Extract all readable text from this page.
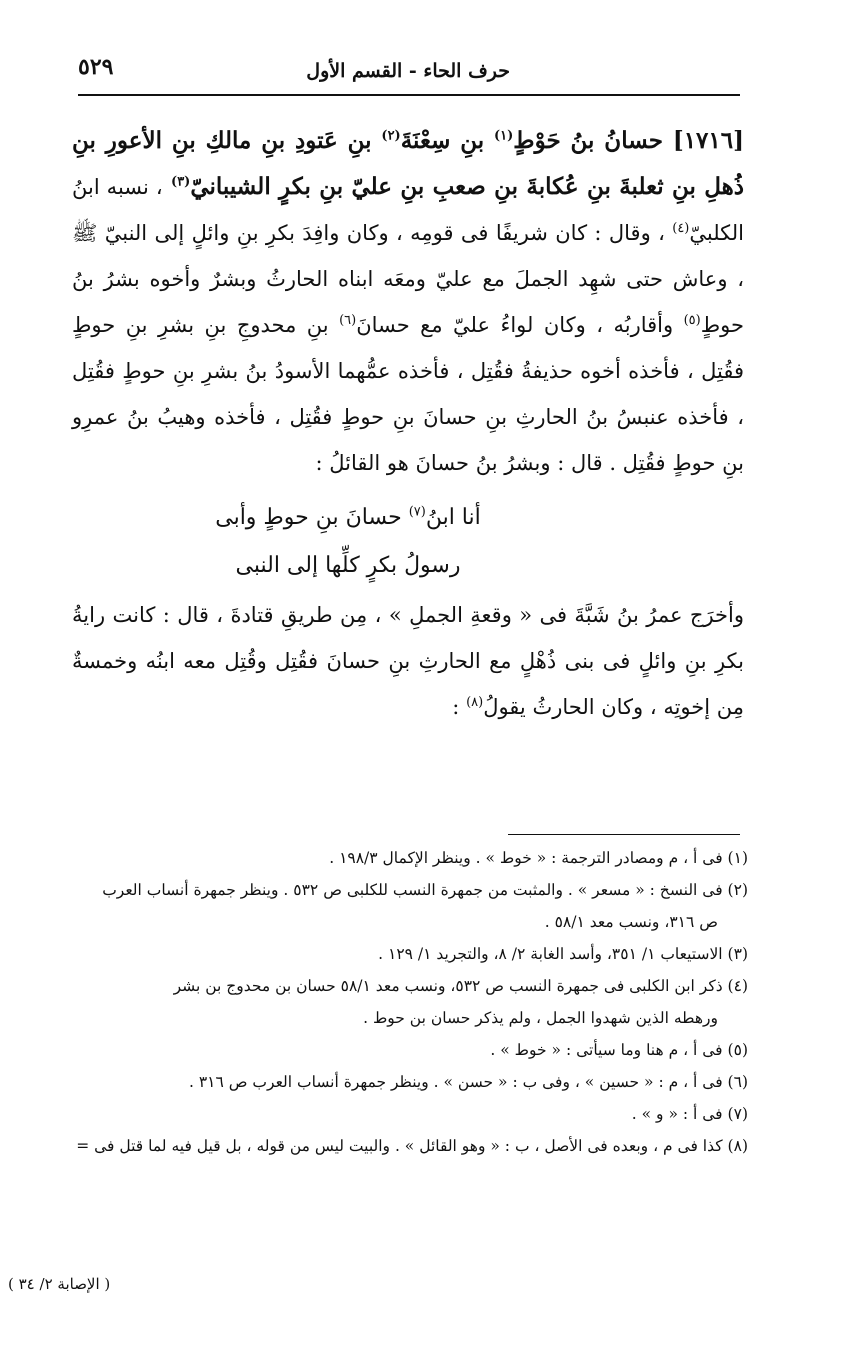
حرف الحاء - القسم الأول
٥٢٩

[١٧١٦] حسانُ بنُ حَوْطٍ$^{(١)}$ بنِ سِعْنَةَ$^{(٢)}$ بنِ عَتودِ بنِ مالكِ بنِ الأعورِ بنِ ذُهلِ بنِ ثعلبةَ بنِ عُكابةَ بنِ صعبِ بنِ عليّ بنِ بكرٍ الشيبانيّ$^{(٣)}$ ، نسبه ابنُ الكلبيّ$^{(٤)}$ ، وقال : كان شريفًا فى قومِه ، وكان وافِدَ بكرِ بنِ وائلٍ إلى النبيّ ﷺ ، وعاش حتى شهِد الجملَ مع عليّ ومعَه ابناه الحارثُ وبشرٌ وأخوه بشرُ بنُ حوطٍ$^{(٥)}$ وأقاربُه ، وكان لواءُ عليّ مع حسانَ$^{(٦)}$ بنِ محدوجِ بنِ بشرِ بنِ حوطٍ فقُتِل ، فأخذه أخوه حذيفةُ فقُتِل ، فأخذه عمُّهما الأسودُ بنُ بشرِ بنِ حوطٍ فقُتِل ، فأخذه عنبسُ بنُ الحارثِ بنِ حسانَ بنِ حوطٍ فقُتِل ، فأخذه وهيبُ بنُ عمرِو بنِ حوطٍ فقُتِل . قال : وبشرُ بنُ حسانَ هو القائلُ :

أنا ابنُ$^{(٧)}$ حسانَ بنِ حوطٍ وأبى
رسولُ بكرٍ كلِّها إلى النبى

وأخرَج عمرُ بنُ شَبَّةَ فى « وقعةِ الجملِ » ، مِن طريقِ قتادةَ ، قال : كانت رايةُ بكرِ بنِ وائلٍ فى بنى ذُهْلٍ مع الحارثِ بنِ حسانَ فقُتِل وقُتِل معه ابنُه وخمسةٌ مِن إخوتِه ، وكان الحارثُ يقولُ$^{(٨)}$ :

(١) فى أ ، م ومصادر الترجمة : « خوط » . وينظر الإكمال ١٩٨/٣ .
(٢) فى النسخ : « مسعر » . والمثبت من جمهرة النسب للكلبى ص ٥٣٢ . وينظر جمهرة أنساب العرب
ص ٣١٦، ونسب معد ٥٨/١ .
(٣) الاستيعاب ١/ ٣٥١، وأسد الغابة ٢/ ٨، والتجريد ١/ ١٢٩ .
(٤) ذكر ابن الكلبى فى جمهرة النسب ص ٥٣٢، ونسب معد ٥٨/١ حسان بن محدوج بن بشر
ورهطه الذين شهدوا الجمل ، ولم يذكر حسان بن حوط .
(٥) فى أ ، م هنا وما سيأتى : « خوط » .
(٦) فى أ ، م : « حسين » ، وفى ب : « حسن » . وينظر جمهرة أنساب العرب ص ٣١٦ .
(٧) فى أ : « و » .
(٨) كذا فى م ، وبعده فى الأصل ، ب : « وهو القائل » . والبيت ليس من قوله ، بل قيل فيه لما قتل فى =
( الإصابة ٢/ ٣٤ )
